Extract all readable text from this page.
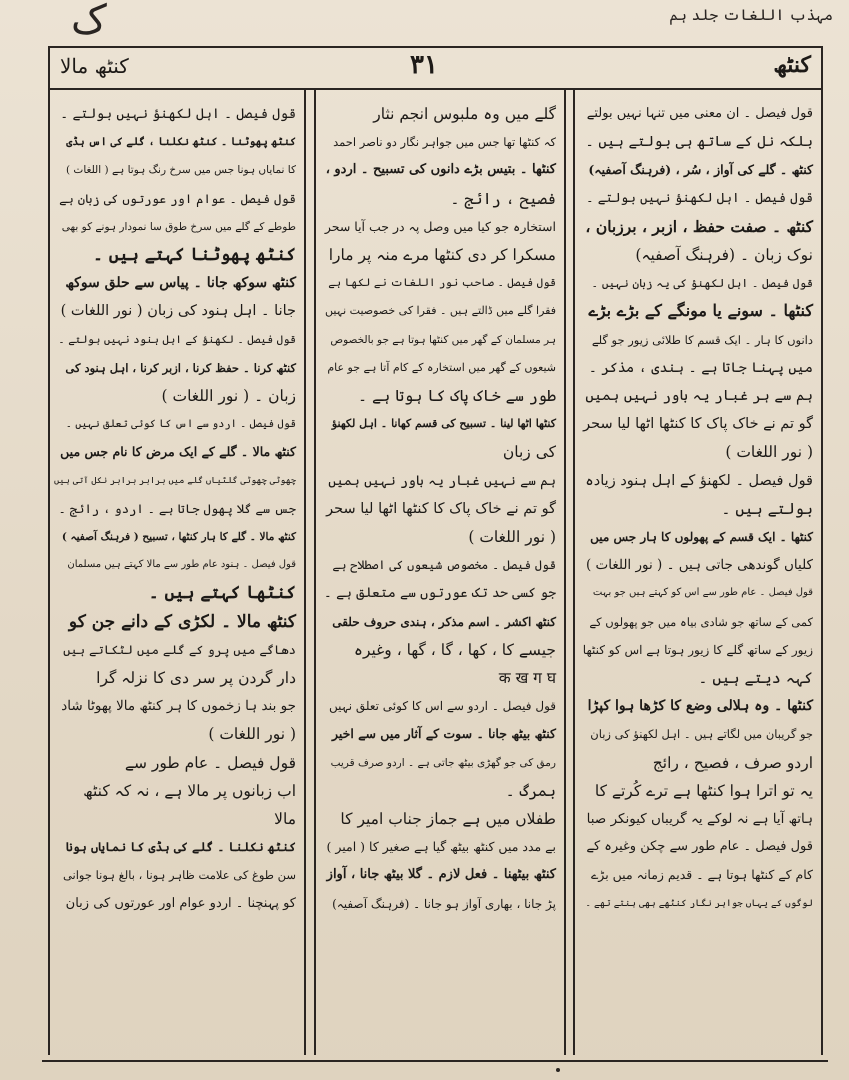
مہذب اللغات جلد ہم
ک
کنٹھ مالا	۳۱	کنٹھ

قول فیصل ۔ ان معنی میں تنہا نہیں بولتے

بلکہ نل کے ساتھ ہی بولتے ہیں ۔

کنٹھ ۔ گلے کی آواز ، سُر ، (فرہنگ آصفیہ)

قول فیصل ۔ اہل لکھنؤ نہیں بولتے ۔

کنٹھ ۔ صفت حفظ ، ازبر ، برزبان ،

نوک زبان ۔ (فرہنگ آصفیہ)

قول فیصل ۔ اہل لکھنؤ کی یہ زبان نہیں ۔

کنٹھا ۔ سونے یا مونگے کے بڑے بڑے

دانوں کا ہار ۔ ایک قسم کا طلائی زیور جو گلے

میں پہنا جاتا ہے ۔ ہندی ، مذکر ۔

ہم سے ہر غبار یہ باور نہیں ہمیں

گو تم نے خاک پاک کا کنٹھا اٹھا لیا سحر

( نور اللغات )

قول فیصل ۔ لکھنؤ کے اہل ہنود زیادہ

بولتے ہیں ۔

کنٹھا ۔ ایک قسم کے پھولوں کا ہار جس میں

کلیاں گوندھی جاتی ہیں ۔ ( نور اللغات )

قول فیصل ۔ عام طور سے اس کو کہتے ہیں جو بہت

کمی کے ساتھ جو شادی بیاہ میں جو پھولوں کے

زیور کے ساتھ گلے کا زیور ہوتا ہے اس کو کنٹھا

کہہ دیتے ہیں ۔

کنٹھا ۔ وہ ہلالی وضع کا کڑھا ہوا کپڑا

جو گریبان میں لگاتے ہیں ۔ اہل لکھنؤ کی زبان

اردو صرف ، فصیح ، رائج

یہ تو اترا ہوا کنٹھا ہے ترے کُرتے کا

ہاتھ آیا ہے نہ لوکے یہ گریباں کیونکر صبا

قول فیصل ۔ عام طور سے چکن وغیرہ کے

کام کے کنٹھا ہوتا ہے ۔ قدیم زمانہ میں بڑے

لوگوں کے یہاں جواہر نگار کنٹھے بھی بنتے تھے ۔

گلے میں وہ ملبوس انجم نثار

کہ کنٹھا تھا جس میں جواہر نگار دو ناصر احمد

کنٹھا ۔ بتیس بڑے دانوں کی تسبیح ۔ اردو ،

فصیح ، رائج ۔

استخارہ جو کیا میں وصل پہ در جب آیا سحر

مسکرا کر دی کنٹھا مرے منہ پر مارا

قول فیصل ۔ صاحب نور اللغات نے لکھا ہے

فقرا گلے میں ڈالتے ہیں ۔ فقرا کی خصوصیت نہیں

ہر مسلمان کے گھر میں کنٹھا ہوتا ہے جو بالخصوص

شیعوں کے گھر میں استخارہ کے کام آتا ہے جو عام

طور سے خاک پاک کا ہوتا ہے ۔

کنٹھا اٹھا لینا ۔ تسبیح کی قسم کھانا ۔ اہل لکھنؤ

کی زبان

ہم سے نہیں غبار یہ باور نہیں ہمیں

گو تم نے خاک پاک کا کنٹھا اٹھا لیا سحر

( نور اللغات )

قول فیصل ۔ مخصوص شیعوں کی اصطلاح ہے

جو کسی حد تک عورتوں سے متعلق ہے ۔

کنٹھ اکشر ۔ اسم مذکر ، ہندی حروف حلقی

جیسے کا ، کھا ، گا ، گھا ، وغیرہ

क ख ग घ

قول فیصل ۔ اردو سے اس کا کوئی تعلق نہیں

کنٹھ بیٹھ جانا ۔ سوت کے آثار میں سے اخیر

رمق کی جو گھڑی بیٹھ جاتی ہے ۔ اردو صرف قریب

بمرگ ۔

طفلاں میں ہے جماز جناب امیر کا

بے مدد میں کنٹھ بیٹھ گیا ہے صغیر کا ( امیر )

کنٹھ بیٹھنا ۔ فعل لازم ۔ گلا بیٹھ جانا ، آواز

پڑ جانا ، بھاری آواز ہو جانا ۔ (فرہنگ آصفیہ)

قول فیصل ۔ اہل لکھنؤ نہیں بولتے ۔

کنٹھ پھوٹنا ۔ کنٹھ نکلنا ، گلے کی اس ہڈی

کا نمایاں ہونا جس میں سرخ رنگ ہوتا ہے ( اللغات )

قول فیصل ۔ عوام اور عورتوں کی زبان ہے

طوطے کے گلے میں سرخ طوق سا نمودار ہونے کو بھی

کنٹھ پھوٹنا کہتے ہیں ۔

کنٹھ سوکھ جانا ۔ پیاس سے حلق سوکھ

جانا ۔ اہل ہنود کی زبان ( نور اللغات )

قول فیصل ۔ لکھنؤ کے اہل ہنود نہیں بولتے ۔

کنٹھ کرنا ۔ حفظ کرنا ، ازبر کرنا ، اہل ہنود کی

زبان ۔ ( نور اللغات )

قول فیصل ۔ اردو سے اس کا کوئی تعلق نہیں ۔

کنٹھ مالا ۔ گلے کے ایک مرض کا نام جس میں

چھوٹی چھوٹی گلٹیاں گلے میں برابر برابر نکل آتی ہیں

جس سے گلا پھول جاتا ہے ۔ اردو ، رائج ۔

کنٹھ مالا ۔ گلے کا ہار کنٹھا ، تسبیح ( فرہنگ آصفیہ )

قول فیصل ۔ ہنود عام طور سے مالا کہتے ہیں مسلمان

کنٹھا کہتے ہیں ۔

کنٹھ مالا ۔ لکڑی کے دانے جن کو

دھاگے میں پرو کے گلے میں لٹکاتے ہیں

دار گردن پر سر دی کا نزلہ گرا

جو بند ہا زخموں کا ہر کنٹھ مالا پھوٹا شاد

( نور اللغات )

قول فیصل ۔ عام طور سے

اب زبانوں پر مالا ہے ، نہ کہ کنٹھ

مالا

کنٹھ نکلنا ۔ گلے کی ہڈی کا نمایاں ہونا

سن طوغ کی علامت ظاہر ہونا ، بالغ ہونا جوانی

کو پہنچنا ۔ اردو عوام اور عورتوں کی زبان
